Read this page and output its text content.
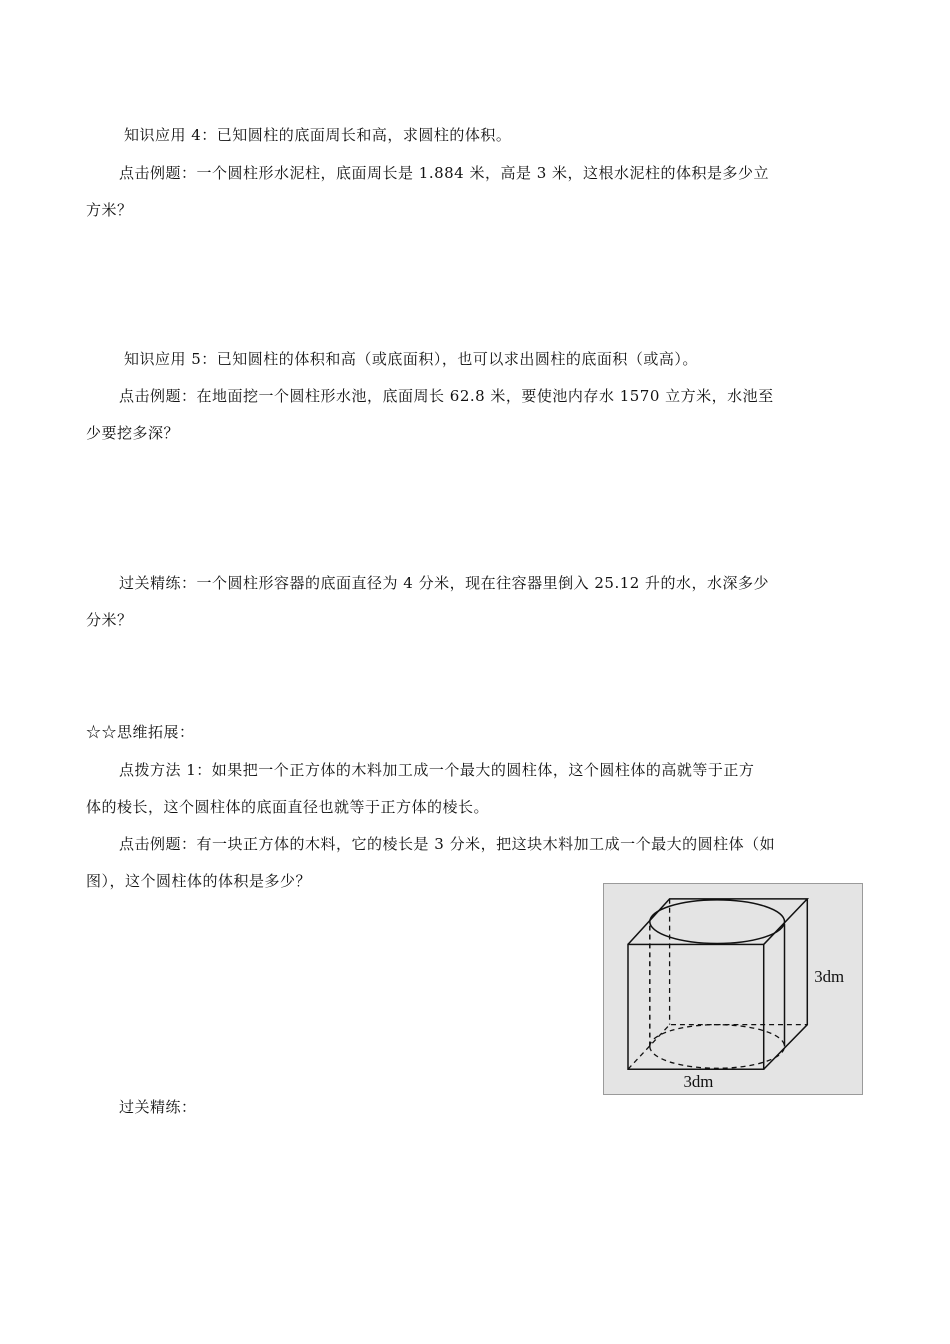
知识应用 4：已知圆柱的底面周长和高，求圆柱的体积。
点击例题：一个圆柱形水泥柱，底面周长是 1.884 米，高是 3 米，这根水泥柱的体积是多少立
方米？
知识应用 5：已知圆柱的体积和高（或底面积），也可以求出圆柱的底面积（或高）。
点击例题：在地面挖一个圆柱形水池，底面周长 62.8 米，要使池内存水 1570 立方米，水池至
少要挖多深？
过关精练：一个圆柱形容器的底面直径为 4 分米，现在往容器里倒入 25.12 升的水，水深多少
分米？
☆☆思维拓展：
点拨方法 1：如果把一个正方体的木料加工成一个最大的圆柱体，这个圆柱体的高就等于正方
体的棱长，这个圆柱体的底面直径也就等于正方体的棱长。
点击例题：有一块正方体的木料，它的棱长是 3 分米，把这块木料加工成一个最大的圆柱体（如
图），这个圆柱体的体积是多少？
3dm
3dm
过关精练：
